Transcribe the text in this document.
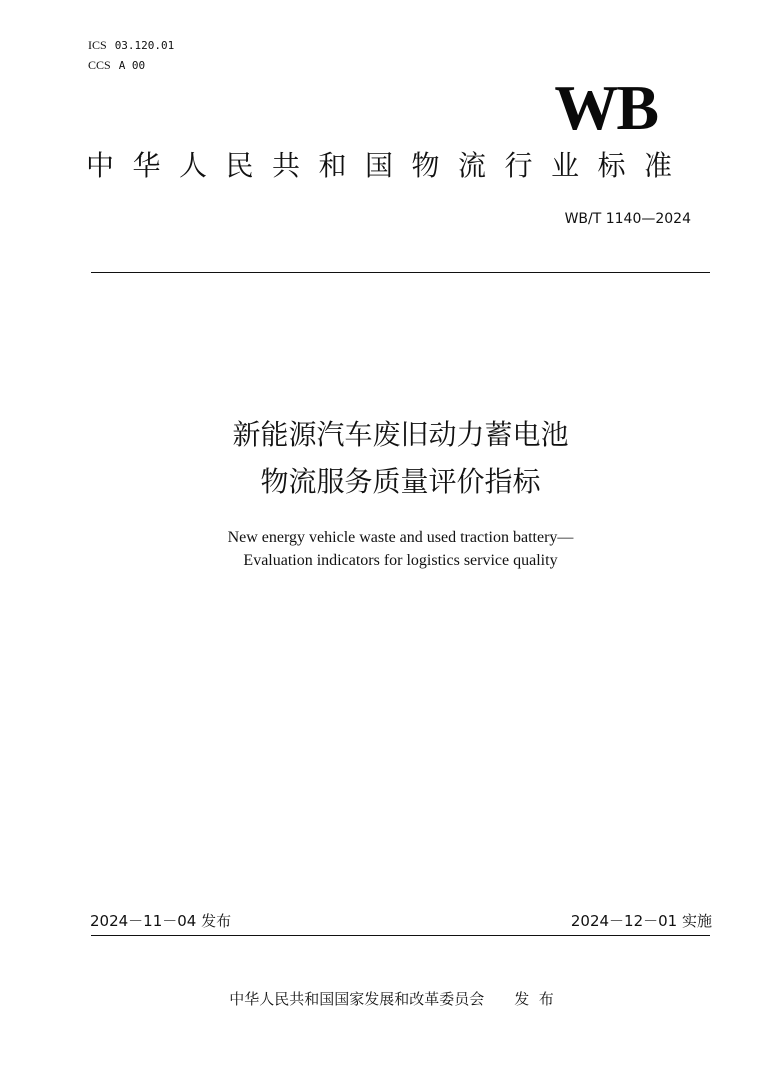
ICS 03.120.01
CCS A 00
WB
中华人民共和国物流行业标准
WB/T 1140—2024
新能源汽车废旧动力蓄电池
物流服务质量评价指标
New energy vehicle waste and used traction battery—
Evaluation indicators for logistics service quality
2024－11－04 发布	2024－12－01 实施
中华人民共和国国家发展和改革委员会 发  布
